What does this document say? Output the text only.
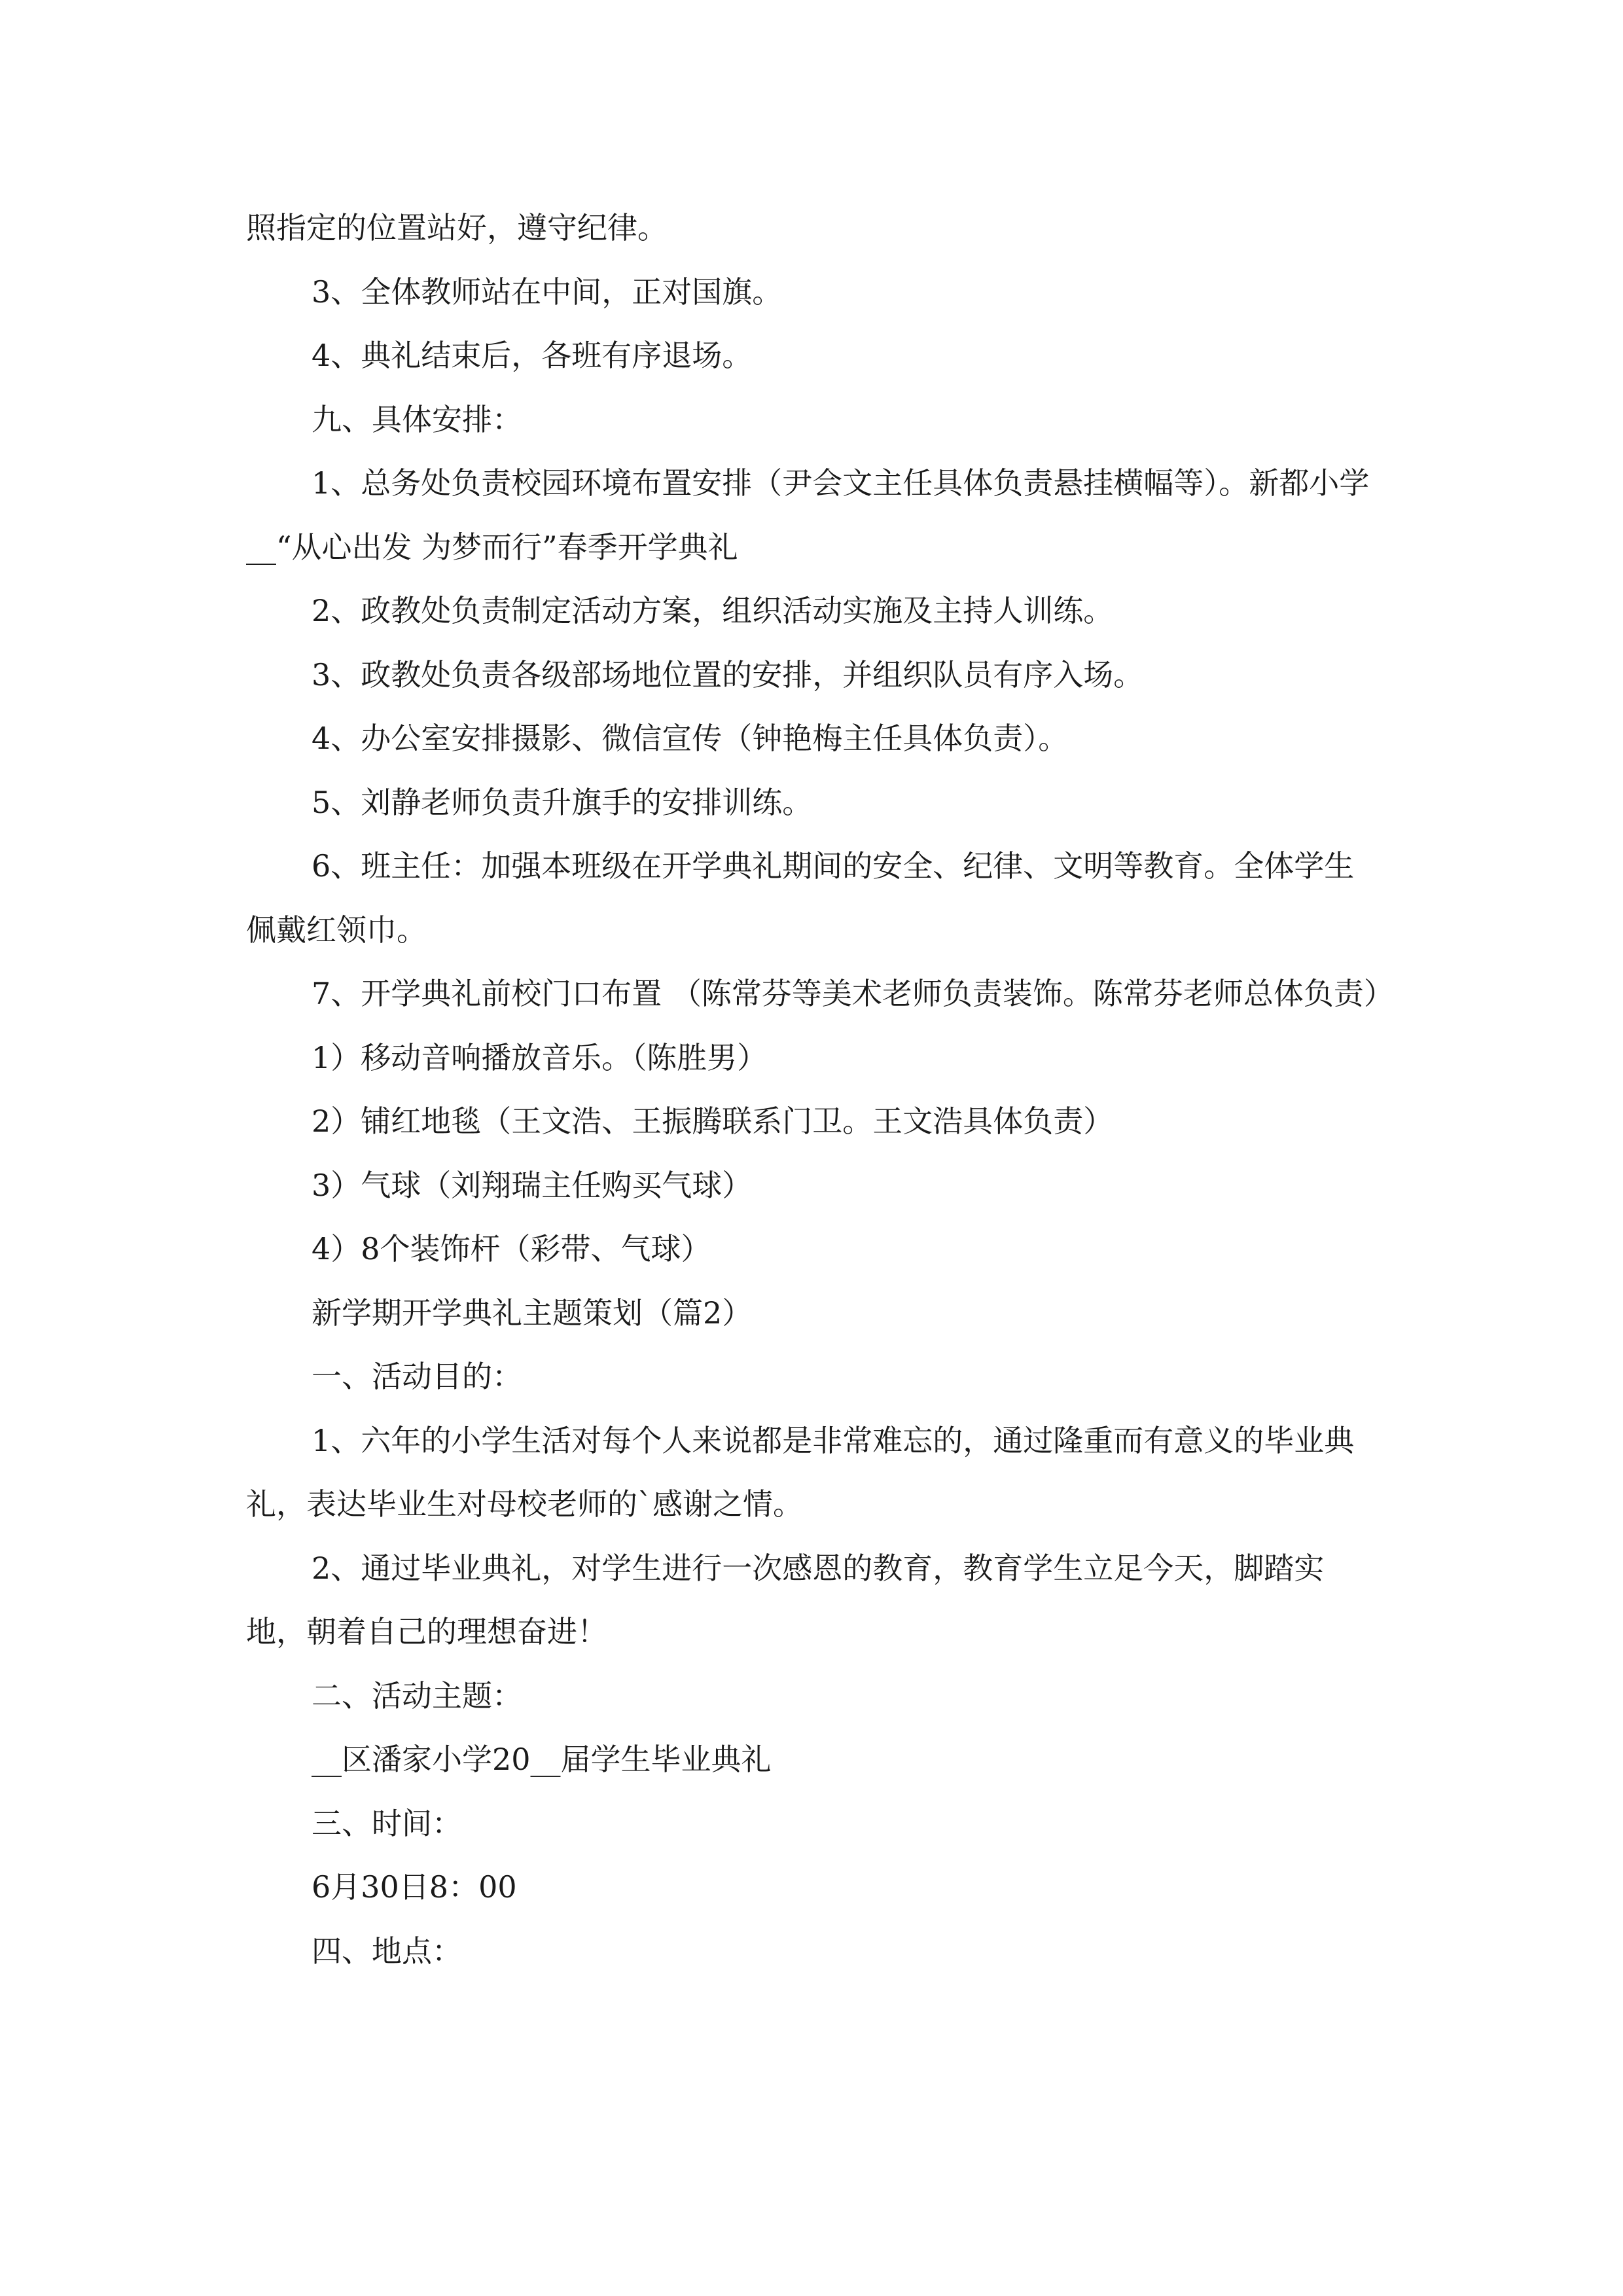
照指定的位置站好，遵守纪律。

3、全体教师站在中间，正对国旗。

4、典礼结束后，各班有序退场。

九、具体安排：

1、总务处负责校园环境布置安排（尹会文主任具体负责悬挂横幅等）。新都小学__“从心出发 为梦而行”春季开学典礼

2、政教处负责制定活动方案，组织活动实施及主持人训练。

3、政教处负责各级部场地位置的安排，并组织队员有序入场。

4、办公室安排摄影、微信宣传（钟艳梅主任具体负责）。

5、刘静老师负责升旗手的安排训练。

6、班主任：加强本班级在开学典礼期间的安全、纪律、文明等教育。全体学生佩戴红领巾。

7、开学典礼前校门口布置 （陈常芬等美术老师负责装饰。陈常芬老师总体负责）

1）移动音响播放音乐。（陈胜男）

2）铺红地毯（王文浩、王振腾联系门卫。王文浩具体负责）

3）气球（刘翔瑞主任购买气球）

4）8个装饰杆（彩带、气球）

新学期开学典礼主题策划（篇2）

一、活动目的：

1、六年的小学生活对每个人来说都是非常难忘的，通过隆重而有意义的毕业典礼，表达毕业生对母校老师的`感谢之情。

2、通过毕业典礼，对学生进行一次感恩的教育，教育学生立足今天，脚踏实地，朝着自己的理想奋进！

二、活动主题：

__区潘家小学20__届学生毕业典礼

三、时间：

6月30日8：00

四、地点：
